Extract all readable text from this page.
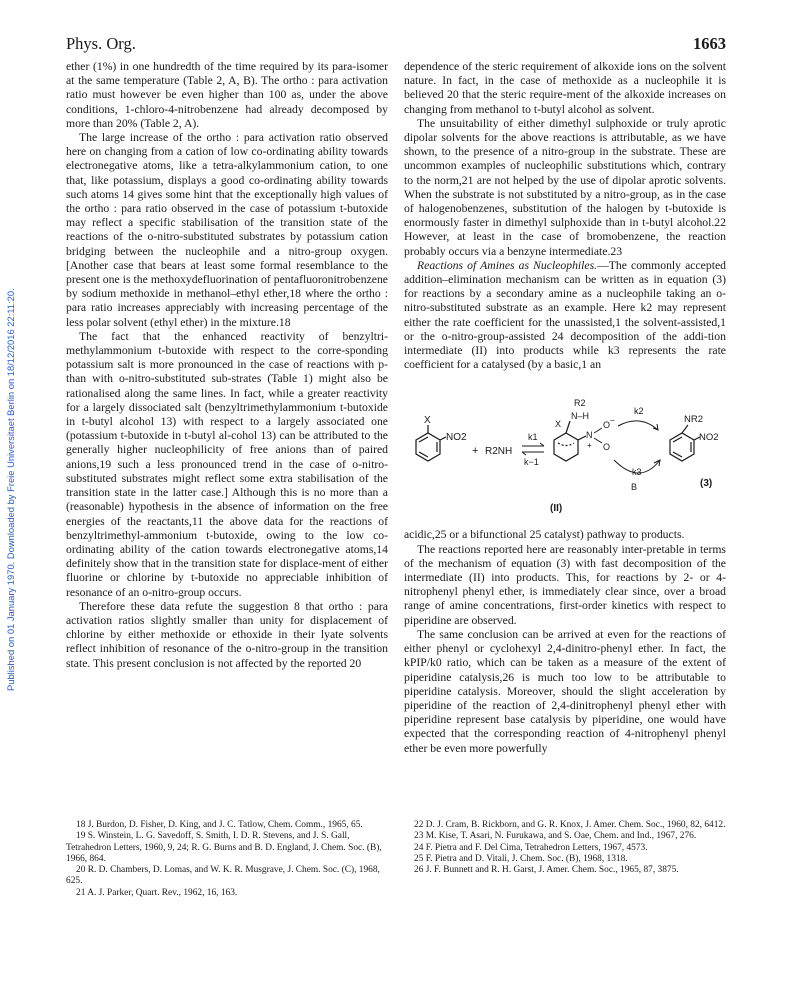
Published on 01 January 1970. Downloaded by Freie Universitaet Berlin on 18/12/2016 22:11:20.
Phys. Org.	1663

ether (1%) in one hundredth of the time required by its para-isomer at the same temperature (Table 2, A, B). The ortho : para activation ratio must however be even higher than 100 as, under the above conditions, 1-chloro-4-nitrobenzene had already decomposed by more than 20% (Table 2, A).

The large increase of the ortho : para activation ratio observed here on changing from a cation of low co-ordinating ability towards electronegative atoms, like a tetra-alkylammonium cation, to one that, like potassium, displays a good co-ordinating ability towards such atoms 14 gives some hint that the exceptionally high values of the ortho : para ratio observed in the case of potassium t-butoxide may reflect a specific stabilisation of the transition state of the reactions of the o-nitro-substituted substrates by potassium cation bridging between the nucleophile and a nitro-group oxygen. [Another case that bears at least some formal resemblance to the present one is the methoxydefluorination of pentafluoronitrobenzene by sodium methoxide in methanol–ethyl ether,18 where the ortho : para ratio increases appreciably with increasing percentage of the less polar solvent (ethyl ether) in the mixture.18

The fact that the enhanced reactivity of benzyltri-methylammonium t-butoxide with respect to the corre-sponding potassium salt is more pronounced in the case of reactions with p- than with o-nitro-substituted sub-strates (Table 1) might also be rationalised along the same lines. In fact, while a greater reactivity for a largely dissociated salt (benzyltrimethylammonium t-butoxide in t-butyl alcohol 13) with respect to a largely associated one (potassium t-butoxide in t-butyl al-cohol 13) can be attributed to the generally higher nucleophilicity of free anions than of paired anions,19 such a less pronounced trend in the case of o-nitro-substituted substrates might reflect some extra stabilisation of the transition state in the latter case.] Although this is no more than a (reasonable) hypothesis in the absence of information on the free energies of the reactants,11 the above data for the reactions of benzyltrimethyl-ammonium t-butoxide, owing to the low co-ordinating ability of the cation towards electronegative atoms,14 definitely show that in the transition state for displace-ment of either fluorine or chlorine by t-butoxide no appreciable inhibition of resonance of an o-nitro-group occurs.

Therefore these data refute the suggestion 8 that ortho : para activation ratios slightly smaller than unity for displacement of chlorine by either methoxide or ethoxide in their lyate solvents reflect inhibition of resonance of the o-nitro-group in the transition state. This present conclusion is not affected by the reported 20

dependence of the steric requirement of alkoxide ions on the solvent nature. In fact, in the case of methoxide as a nucleophile it is believed 20 that the steric require-ment of the alkoxide increases on changing from methanol to t-butyl alcohol as solvent.

The unsuitability of either dimethyl sulphoxide or truly aprotic dipolar solvents for the above reactions is attributable, as we have shown, to the presence of a nitro-group in the substrate. These are uncommon examples of nucleophilic substitutions which, contrary to the norm,21 are not helped by the use of dipolar aprotic solvents. When the substrate is not substituted by a nitro-group, as in the case of halogenobenzenes, substitution of the halogen by t-butoxide is enormously faster in dimethyl sulphoxide than in t-butyl alcohol.22 However, at least in the case of bromobenzene, the reaction probably occurs via a benzyne intermediate.23

Reactions of Amines as Nucleophiles.—The commonly accepted addition–elimination mechanism can be written as in equation (3) for reactions by a secondary amine as a nucleophile taking an o-nitro-substituted substrate as an example. Here k2 may represent either the rate coefficient for the unassisted,1 the solvent-assisted,1 or the o-nitro-group-assisted 24 decomposition of the addi-tion intermediate (II) into products while k3 represents the rate coefficient for a catalysed (by a basic,1 an

X
NO2
+ R2NH
k1
k−1
X
R2
N–H
N
+
O −
O
k2
k3
B
NR2
NO2
(3)
(II)

acidic,25 or a bifunctional 25 catalyst) pathway to products.

The reactions reported here are reasonably inter-pretable in terms of the mechanism of equation (3) with fast decomposition of the intermediate (II) into products. This, for reactions by 2- or 4-nitrophenyl phenyl ether, is immediately clear since, over a broad range of amine concentrations, first-order kinetics with respect to piperidine are observed.

The same conclusion can be arrived at even for the reactions of either phenyl or cyclohexyl 2,4-dinitro-phenyl ether. In fact, the kPIP/k0 ratio, which can be taken as a measure of the extent of piperidine catalysis,26 is much too low to be attributable to piperidine catalysis. Moreover, should the slight acceleration by piperidine of the reaction of 2,4-dinitrophenyl phenyl ether with piperidine represent base catalysis by piperidine, one would have expected that the corresponding reaction of 4-nitrophenyl phenyl ether be even more powerfully

18 J. Burdon, D. Fisher, D. King, and J. C. Tatlow, Chem. Comm., 1965, 65.
19 S. Winstein, L. G. Savedoff, S. Smith, I. D. R. Stevens, and J. S. Gall, Tetrahedron Letters, 1960, 9, 24; R. G. Burns and B. D. England, J. Chem. Soc. (B), 1966, 864.
20 R. D. Chambers, D. Lomas, and W. K. R. Musgrave, J. Chem. Soc. (C), 1968, 625.
21 A. J. Parker, Quart. Rev., 1962, 16, 163.
22 D. J. Cram, B. Rickborn, and G. R. Knox, J. Amer. Chem. Soc., 1960, 82, 6412.
23 M. Kise, T. Asari, N. Furukawa, and S. Oae, Chem. and Ind., 1967, 276.
24 F. Pietra and F. Del Cima, Tetrahedron Letters, 1967, 4573.
25 F. Pietra and D. Vitali, J. Chem. Soc. (B), 1968, 1318.
26 J. F. Bunnett and R. H. Garst, J. Amer. Chem. Soc., 1965, 87, 3875.
